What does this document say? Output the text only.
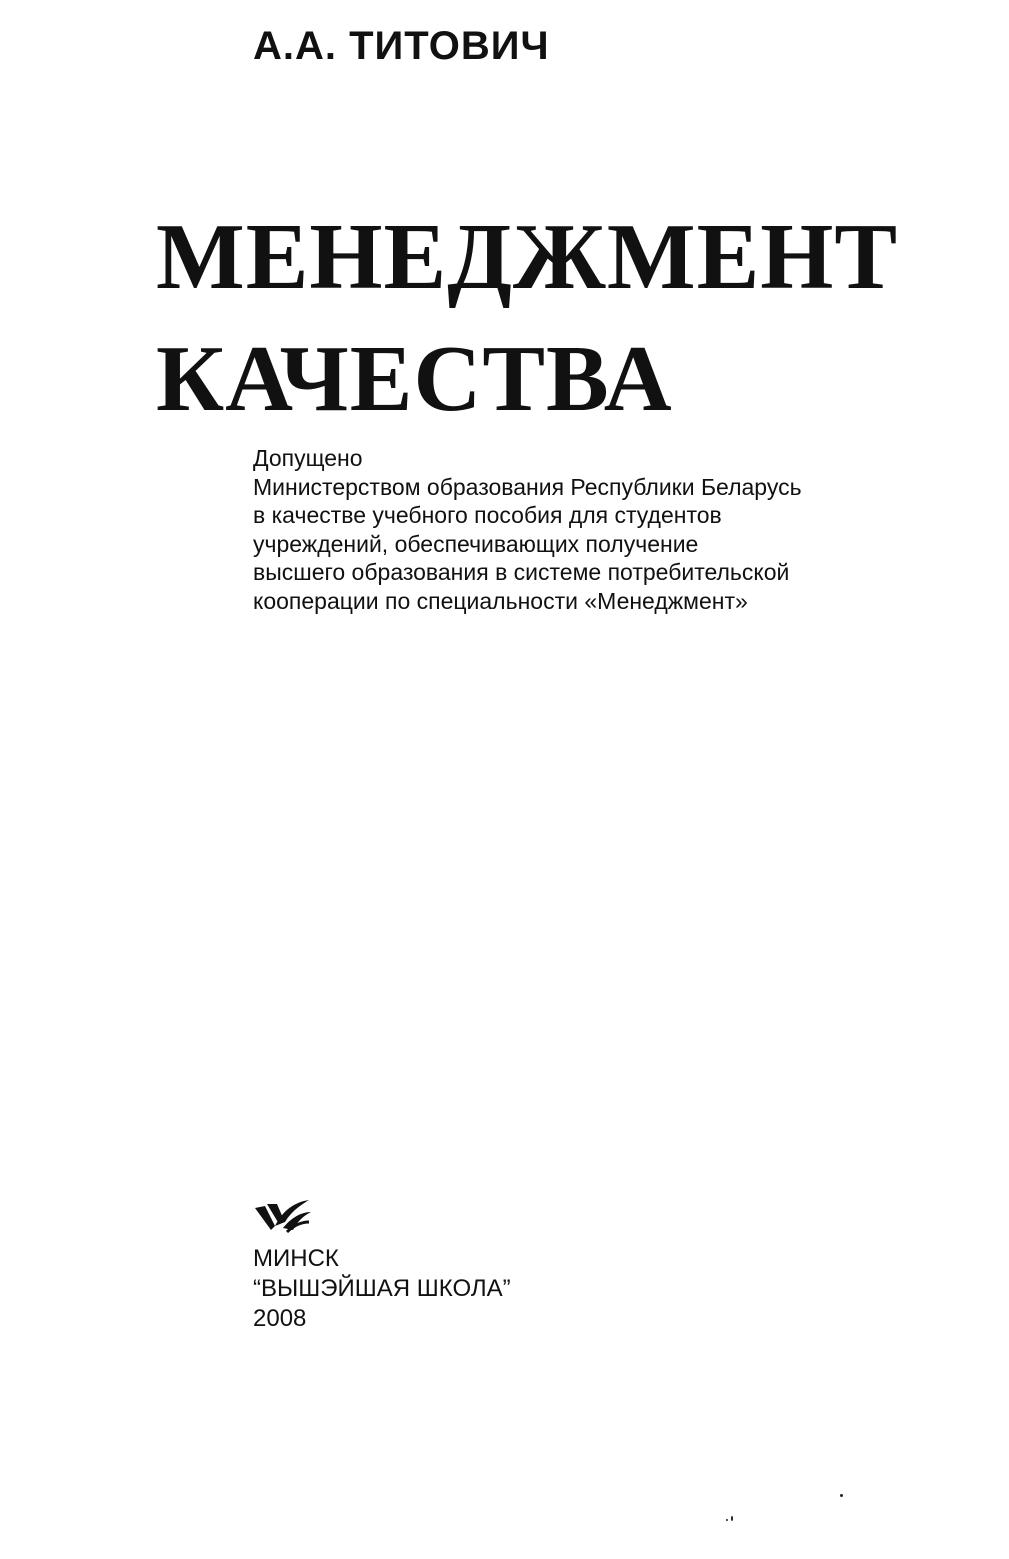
А.А. ТИТОВИЧ
МЕНЕДЖМЕНТ
КАЧЕСТВА
Допущено
Министерством образования Республики Беларусь
в качестве учебного пособия для студентов
учреждений, обеспечивающих получение
высшего образования в системе потребительской
кооперации по специальности «Менеджмент»
МИНСК
“ВЫШЭЙШАЯ ШКОЛА”
2008
